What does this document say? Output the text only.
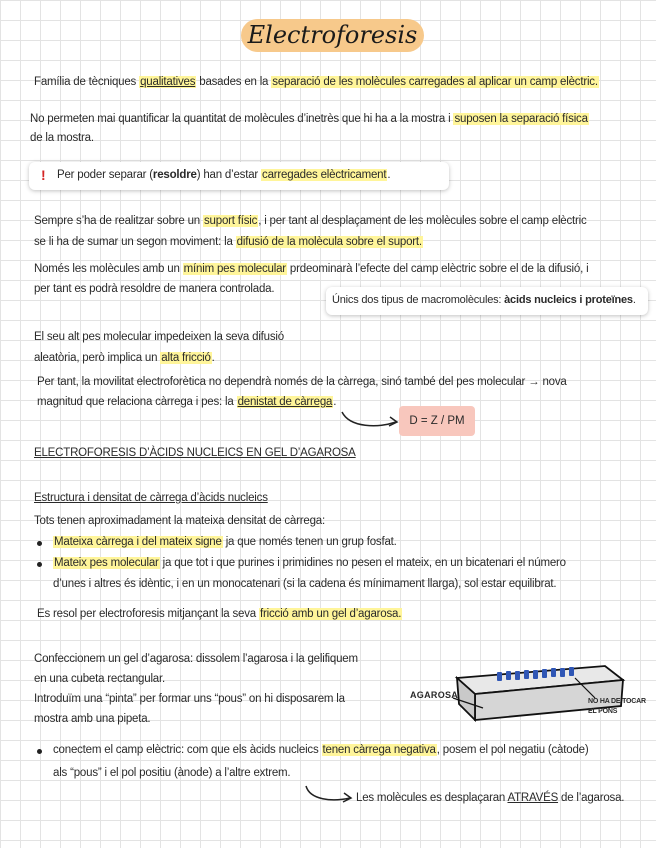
Electroforesis
Família de tècniques qualitatives basades en la separació de les molècules carregades al aplicar un camp elèctric.
No permeten mai quantificar la quantitat de molècules d’inetrès que hi ha a la mostra i suposen la separació física
de la mostra.
! Per poder separar (resoldre) han d’estar carregades elèctricament.
Sempre s’ha de realitzar sobre un suport físic, i per tant al desplaçament de les molècules sobre el camp elèctric
se li ha de sumar un segon moviment: la difusió de la molècula sobre el suport.
Només les molècules amb un mínim pes molecular prdeominarà l’efecte del camp elèctric sobre el de la difusió, i
per tant es podrà resoldre de manera controlada.
Únics dos tipus de macromolècules: àcids nucleics i proteïnes.
El seu alt pes molecular impedeixen la seva difusió
aleatòria, però implica un alta fricció.
Per tant, la movilitat electroforètica no dependrà només de la càrrega, sinó també del pes molecular → nova
magnitud que relaciona càrrega i pes: la denistat de càrrega.
D = Z / PM
ELECTROFORESIS D’ÀCIDS NUCLEICS EN GEL D’AGAROSA
Estructura i densitat de càrrega d’àcids nucleics
Tots tenen aproximadament la mateixa densitat de càrrega:
Mateixa càrrega i del mateix signe ja que només tenen un grup fosfat.
Mateix pes molecular ja que tot i que purines i primidines no pesen el mateix, en un bicatenari el número
d’unes i altres és idèntic, i en un monocatenari (si la cadena és mínimament llarga), sol estar equilibrat.
Es resol per electroforesis mitjançant la seva fricció amb un gel d’agarosa.
Confeccionem un gel d’agarosa: dissolem l’agarosa i la gelifiquem
en una cubeta rectangular.
Introduïm una “pinta” per formar uns “pous” on hi disposarem la
mostra amb una pipeta.
AGAROSA
NO HA DE TOCAR
EL PONS
conectem el camp elèctric: com que els àcids nucleics tenen càrrega negativa, posem el pol negatiu (càtode)
als “pous” i el pol positiu (ànode) a l’altre extrem.
Les molècules es desplaçaran ATRAVÉS de l’agarosa.
